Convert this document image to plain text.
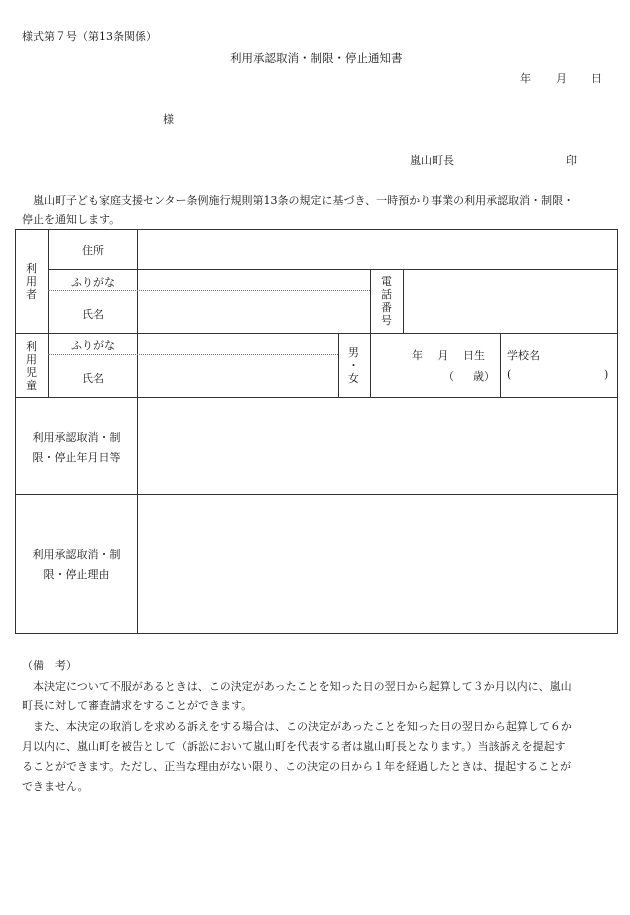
様式第７号（第13条関係）
利用承認取消・制限・停止通知書
年 月 日
様
嵐山町長	印
嵐山町子ども家庭支援センター条例施行規則第13条の規定に基づき、一時預かり事業の利用承認取消・制限・
停止を通知します。
利
用
者
住所
ふりがな
氏名
電
話
番
号
利
用
児
童
ふりがな
氏名
男
・
女
年　 月　 日生
（ 歳）
学校名
(	)
利用承認取消・制
限・停止年月日等
利用承認取消・制
限・停止理由
（備　考）
本決定について不服があるときは、この決定があったことを知った日の翌日から起算して３か月以内に、嵐山
町長に対して審査請求をすることができます。
また、本決定の取消しを求める訴えをする場合は、この決定があったことを知った日の翌日から起算して６か
月以内に、嵐山町を被告として（訴訟において嵐山町を代表する者は嵐山町長となります。）当該訴えを提起す
ることができます。ただし、正当な理由がない限り、この決定の日から１年を経過したときは、提起することが
できません。
